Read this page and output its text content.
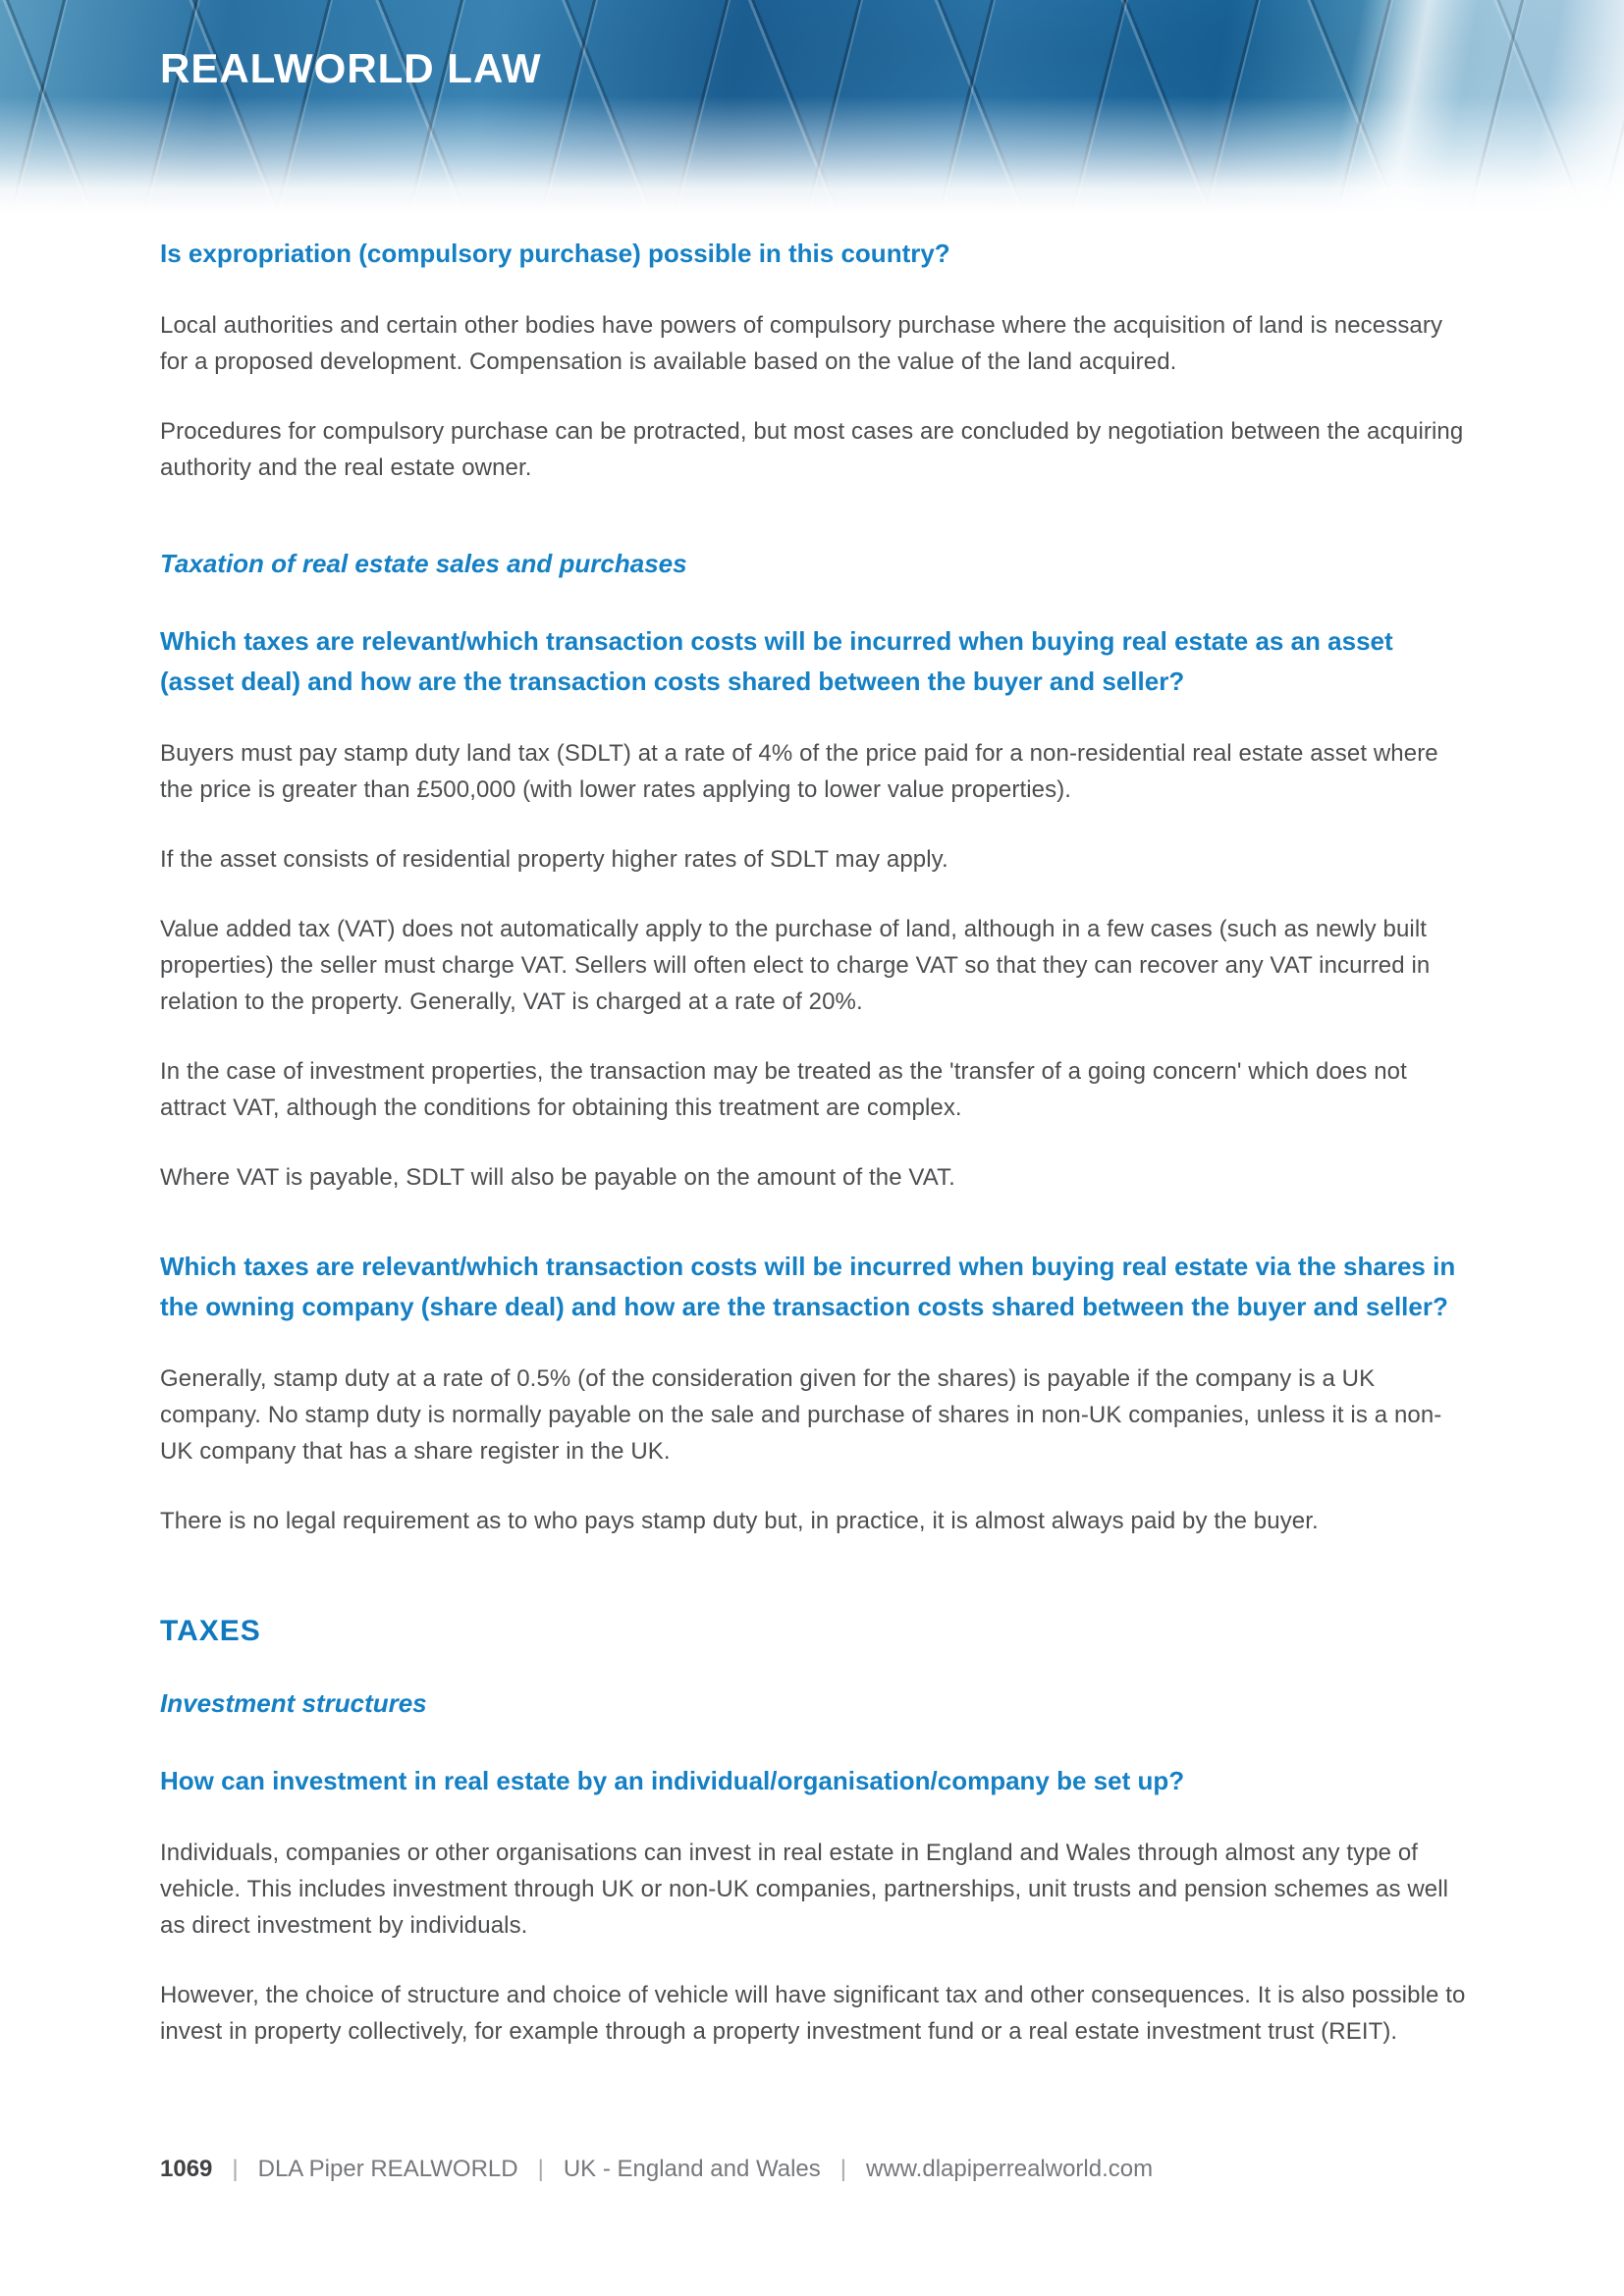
REALWORLD LAW
Is expropriation (compulsory purchase) possible in this country?

Local authorities and certain other bodies have powers of compulsory purchase where the acquisition of land is necessary for a proposed development. Compensation is available based on the value of the land acquired.

Procedures for compulsory purchase can be protracted, but most cases are concluded by negotiation between the acquiring authority and the real estate owner.

Taxation of real estate sales and purchases
Which taxes are relevant/which transaction costs will be incurred when buying real estate as an asset (asset deal) and how are the transaction costs shared between the buyer and seller?

Buyers must pay stamp duty land tax (SDLT) at a rate of 4% of the price paid for a non-residential real estate asset where the price is greater than £500,000 (with lower rates applying to lower value properties).

If the asset consists of residential property higher rates of SDLT may apply.

Value added tax (VAT) does not automatically apply to the purchase of land, although in a few cases (such as newly built properties) the seller must charge VAT. Sellers will often elect to charge VAT so that they can recover any VAT incurred in relation to the property. Generally, VAT is charged at a rate of 20%.

In the case of investment properties, the transaction may be treated as the 'transfer of a going concern' which does not attract VAT, although the conditions for obtaining this treatment are complex.

Where VAT is payable, SDLT will also be payable on the amount of the VAT.

Which taxes are relevant/which transaction costs will be incurred when buying real estate via the shares in the owning company (share deal) and how are the transaction costs shared between the buyer and seller?

Generally, stamp duty at a rate of 0.5% (of the consideration given for the shares) is payable if the company is a UK company. No stamp duty is normally payable on the sale and purchase of shares in non-UK companies, unless it is a non-UK company that has a share register in the UK.

There is no legal requirement as to who pays stamp duty but, in practice, it is almost always paid by the buyer.

TAXES
Investment structures
How can investment in real estate by an individual/organisation/company be set up?

Individuals, companies or other organisations can invest in real estate in England and Wales through almost any type of vehicle. This includes investment through UK or non-UK companies, partnerships, unit trusts and pension schemes as well as direct investment by individuals.

However, the choice of structure and choice of vehicle will have significant tax and other consequences. It is also possible to invest in property collectively, for example through a property investment fund or a real estate investment trust (REIT).

1069 | DLA Piper REALWORLD | UK - England and Wales | www.dlapiperrealworld.com
